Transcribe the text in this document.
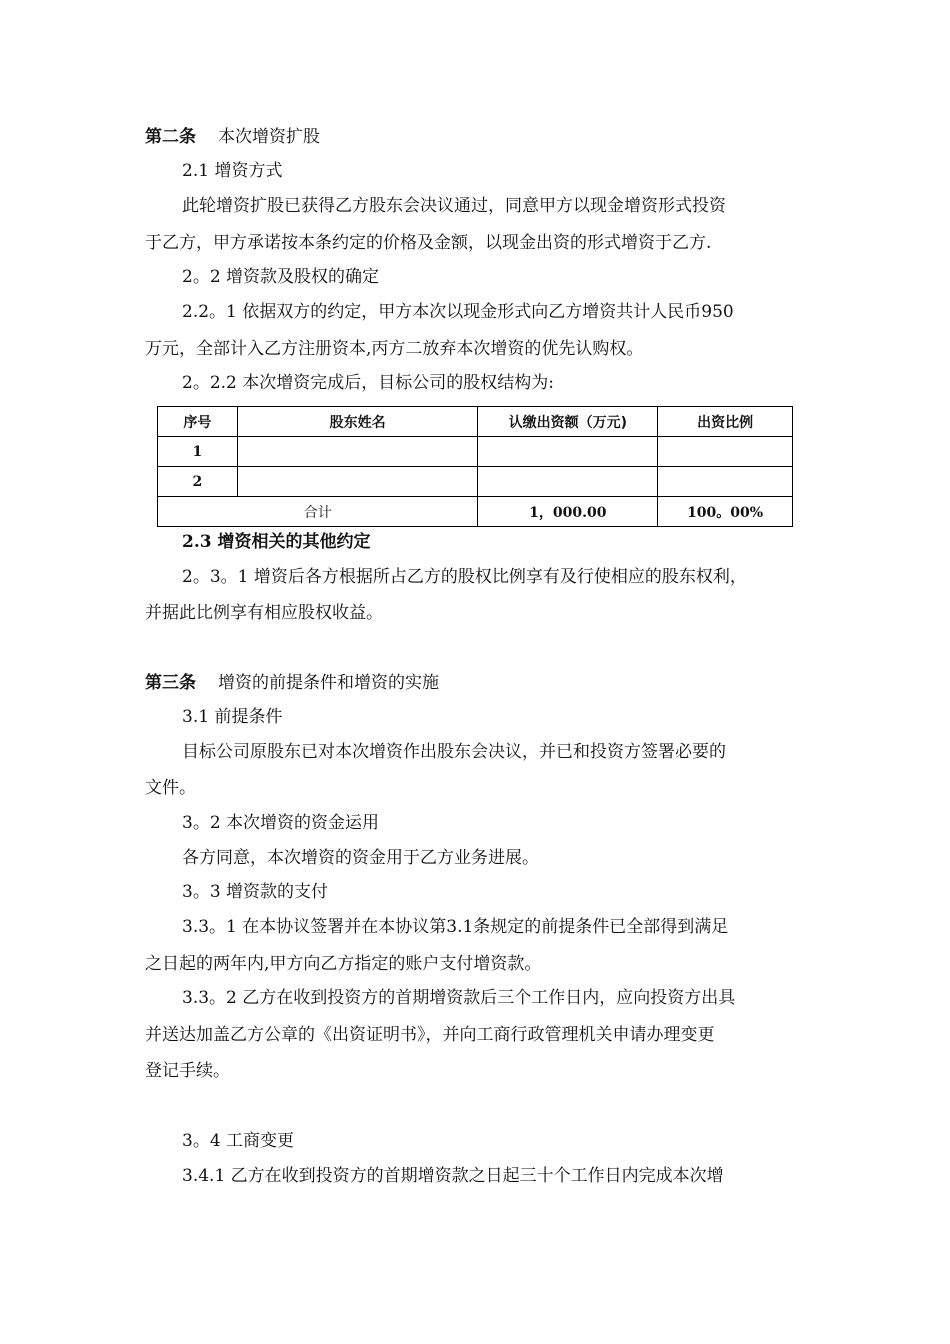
第二条 本次增资扩股
2.1 增资方式
此轮增资扩股已获得乙方股东会决议通过，同意甲方以现金增资形式投资
于乙方，甲方承诺按本条约定的价格及金额，以现金出资的形式增资于乙方.
2。2 增资款及股权的确定
2.2。1 依据双方的约定，甲方本次以现金形式向乙方增资共计人民币950
万元，全部计入乙方注册资本,丙方二放弃本次增资的优先认购权。
2。2.2 本次增资完成后，目标公司的股权结构为:
序号	股东姓名	认缴出资额（万元)	出资比例
1			
2			
合计		1，000.00	100。00%
2.3 增资相关的其他约定
2。3。1 增资后各方根据所占乙方的股权比例享有及行使相应的股东权利，
并据此比例享有相应股权收益。
第三条 增资的前提条件和增资的实施
3.1 前提条件
目标公司原股东已对本次增资作出股东会决议，并已和投资方签署必要的
文件。
3。2 本次增资的资金运用
各方同意，本次增资的资金用于乙方业务进展。
3。3 增资款的支付
3.3。1 在本协议签署并在本协议第3.1条规定的前提条件已全部得到满足
之日起的两年内,甲方向乙方指定的账户支付增资款。
3.3。2 乙方在收到投资方的首期增资款后三个工作日内，应向投资方出具
并送达加盖乙方公章的《出资证明书》，并向工商行政管理机关申请办理变更
登记手续。
3。4 工商变更
3.4.1 乙方在收到投资方的首期增资款之日起三十个工作日内完成本次增
